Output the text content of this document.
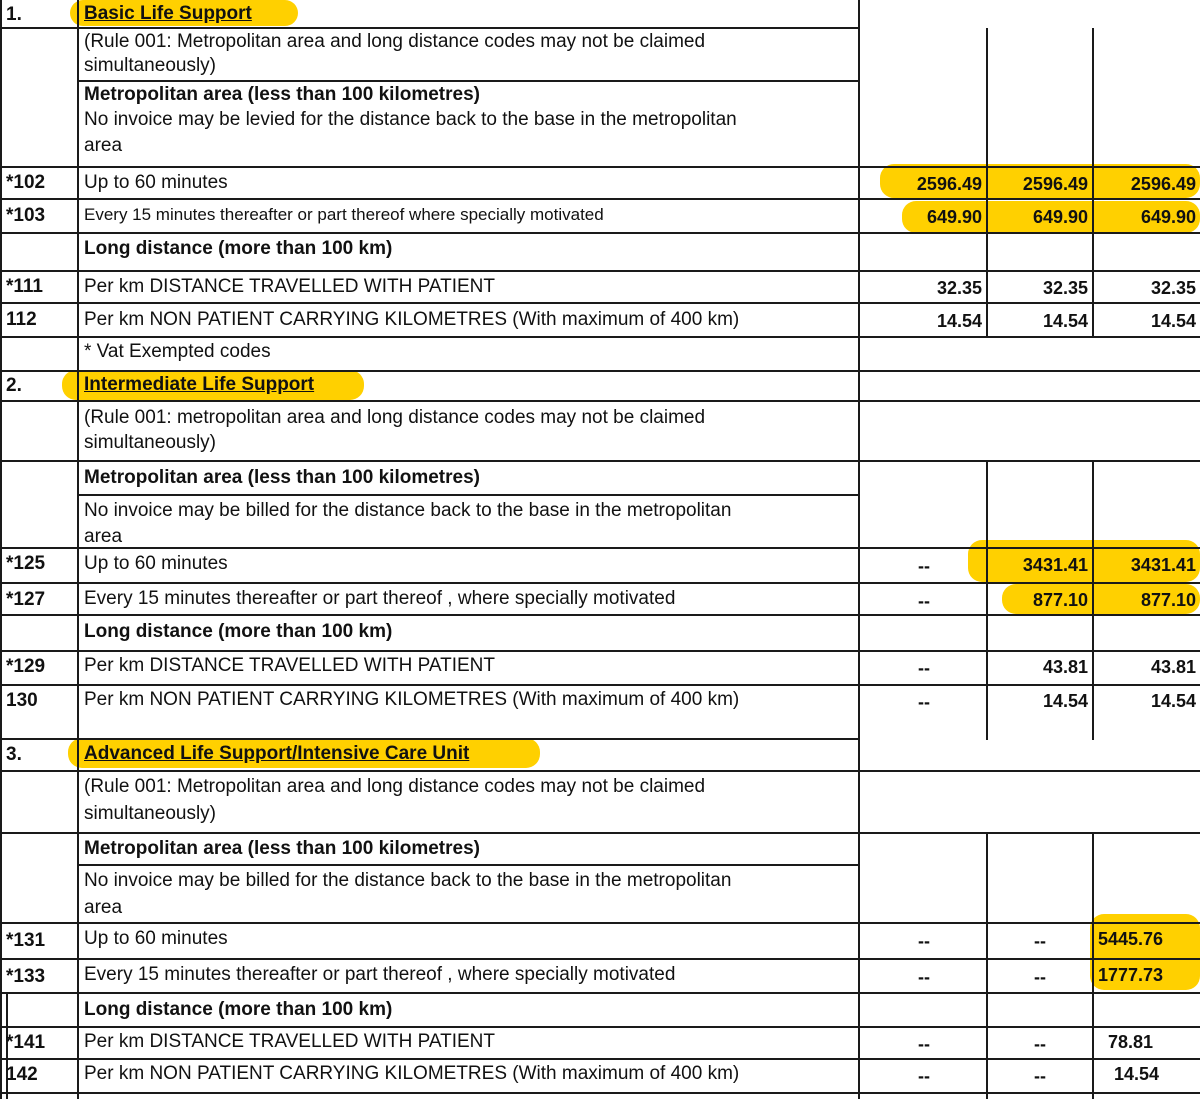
1.	Basic Life Support
(Rule 001: Metropolitan area and long distance codes may not be claimed
simultaneously)
Metropolitan area (less than 100 kilometres)
No invoice may be levied for the distance back to the base in the metropolitan
area
*102 Up to 60 minutes	2596.49	2596.49	2596.49
*103 Every 15 minutes thereafter or part thereof where specially motivated	649.90	649.90	649.90
Long distance (more than 100 km)
*111 Per km DISTANCE TRAVELLED WITH PATIENT	32.35	32.35	32.35
112 Per km NON PATIENT CARRYING KILOMETRES (With maximum of 400 km)	14.54	14.54	14.54
* Vat Exempted codes
2.	Intermediate Life Support
(Rule 001: metropolitan area and long distance codes may not be claimed
simultaneously)
Metropolitan area (less than 100 kilometres)
No invoice may be billed for the distance back to the base in the metropolitan
area
*125 Up to 60 minutes	--	3431.41	3431.41
*127 Every 15 minutes thereafter or part thereof , where specially motivated	--	877.10	877.10
Long distance (more than 100 km)
*129 Per km DISTANCE TRAVELLED WITH PATIENT	--	43.81	43.81
130 Per km NON PATIENT CARRYING KILOMETRES (With maximum of 400 km)	--	14.54	14.54
3.	Advanced Life Support/Intensive Care Unit
(Rule 001: Metropolitan area and long distance codes may not be claimed
simultaneously)
Metropolitan area (less than 100 kilometres)
No invoice may be billed for the distance back to the base in the metropolitan
area
*131 Up to 60 minutes	--	--	5445.76
*133 Every 15 minutes thereafter or part thereof , where specially motivated	--	--	1777.73
Long distance (more than 100 km)
*141 Per km DISTANCE TRAVELLED WITH PATIENT	--	--	78.81
142 Per km NON PATIENT CARRYING KILOMETRES (With maximum of 400 km)	--	--	14.54
